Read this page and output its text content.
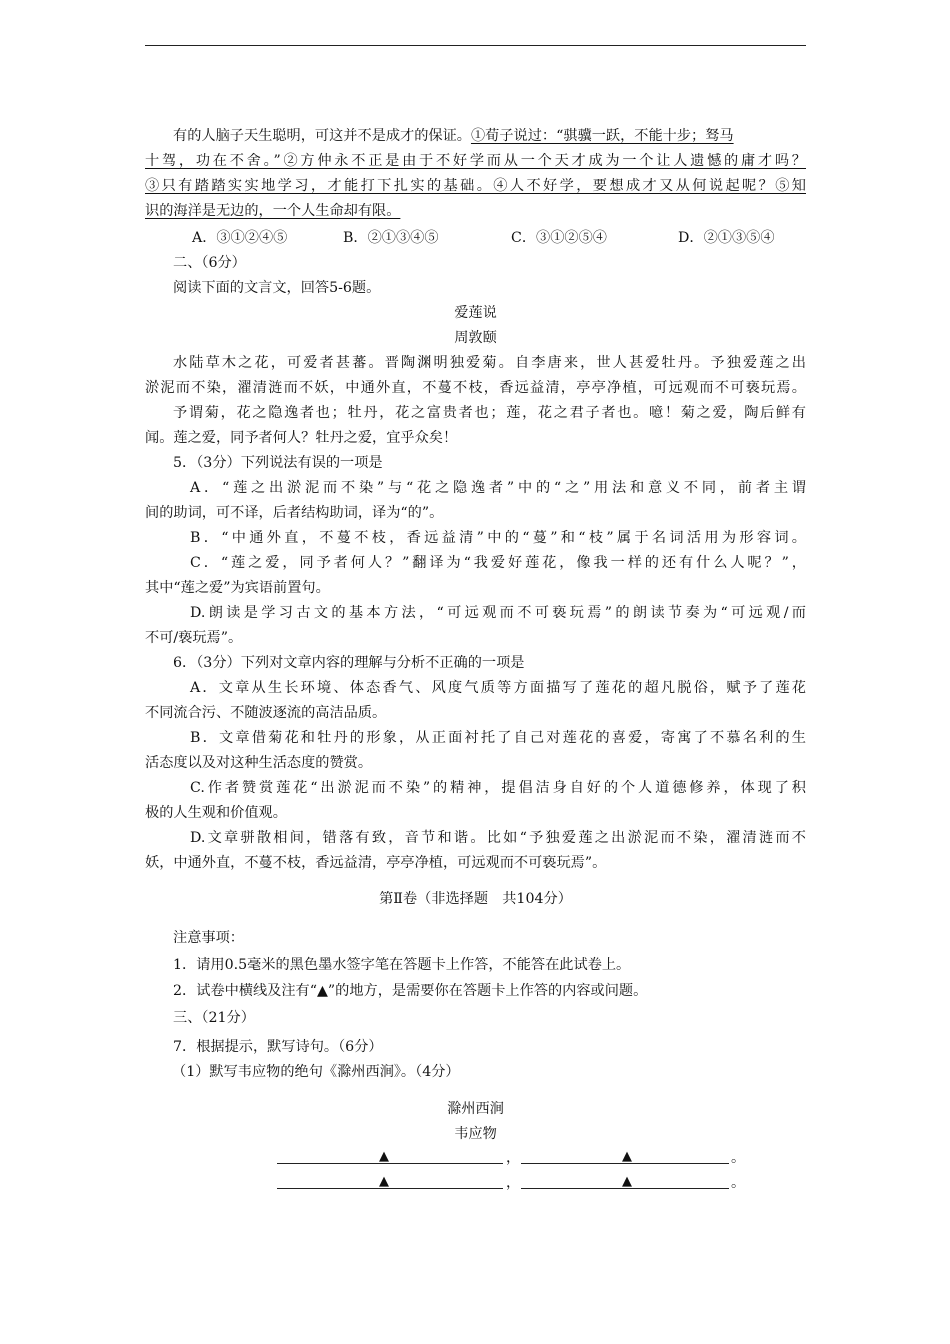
有的人脑子天生聪明，可这并不是成才的保证。①荀子说过：“骐骥一跃，不能十步；驽马
十驾，功在不舍。”②方仲永不正是由于不好学而从一个天才成为一个让人遗憾的庸才吗？
③只有踏踏实实地学习，才能打下扎实的基础。④人不好学，要想成才又从何说起呢？⑤知
识的海洋是无边的，一个人生命却有限。
A．③①②④⑤	B．②①③④⑤	C．③①②⑤④	D．②①③⑤④
二、（6分）
阅读下面的文言文，回答5-6题。
爱莲说
周敦颐
水陆草木之花，可爱者甚蕃。晋陶渊明独爱菊。自李唐来，世人甚爱牡丹。予独爱莲之出
淤泥而不染，濯清涟而不妖，中通外直，不蔓不枝，香远益清，亭亭净植，可远观而不可亵玩焉。
予谓菊，花之隐逸者也；牡丹，花之富贵者也；莲，花之君子者也。噫！菊之爱，陶后鲜有
闻。莲之爱，同予者何人？牡丹之爱，宜乎众矣！
5．（3分）下列说法有误的一项是
A．“莲之出淤泥而不染”与“花之隐逸者”中的“之”用法和意义不同，前者主谓
间的助词，可不译，后者结构助词，译为“的”。
B．“中通外直，不蔓不枝，香远益清”中的“蔓”和“枝”属于名词活用为形容词。
C．“莲之爱，同予者何人？”翻译为“我爱好莲花，像我一样的还有什么人呢？”，
其中“莲之爱”为宾语前置句。
D.朗读是学习古文的基本方法，“可远观而不可亵玩焉”的朗读节奏为“可远观/而
不可/亵玩焉”。
6．（3分）下列对文章内容的理解与分析不正确的一项是
A．文章从生长环境、体态香气、风度气质等方面描写了莲花的超凡脱俗，赋予了莲花
不同流合污、不随波逐流的高洁品质。
B．文章借菊花和牡丹的形象，从正面衬托了自己对莲花的喜爱，寄寓了不慕名利的生
活态度以及对这种生活态度的赞赏。
C.作者赞赏莲花“出淤泥而不染”的精神，提倡洁身自好的个人道德修养，体现了积
极的人生观和价值观。
D.文章骈散相间，错落有致，音节和谐。比如“予独爱莲之出淤泥而不染，濯清涟而不
妖，中通外直，不蔓不枝，香远益清，亭亭净植，可远观而不可亵玩焉”。
第Ⅱ卷（非选择题　共104分）
注意事项：
1．请用0.5毫米的黑色墨水签字笔在答题卡上作答，不能答在此试卷上。
2．试卷中横线及注有“▲”的地方，是需要你在答题卡上作答的内容或问题。
三、（21分）
7．根据提示，默写诗句。（6分）
（1）默写韦应物的绝句《滁州西涧》。（4分）
滁州西涧
韦应物
▲	，	▲	。
▲	，	▲	。
